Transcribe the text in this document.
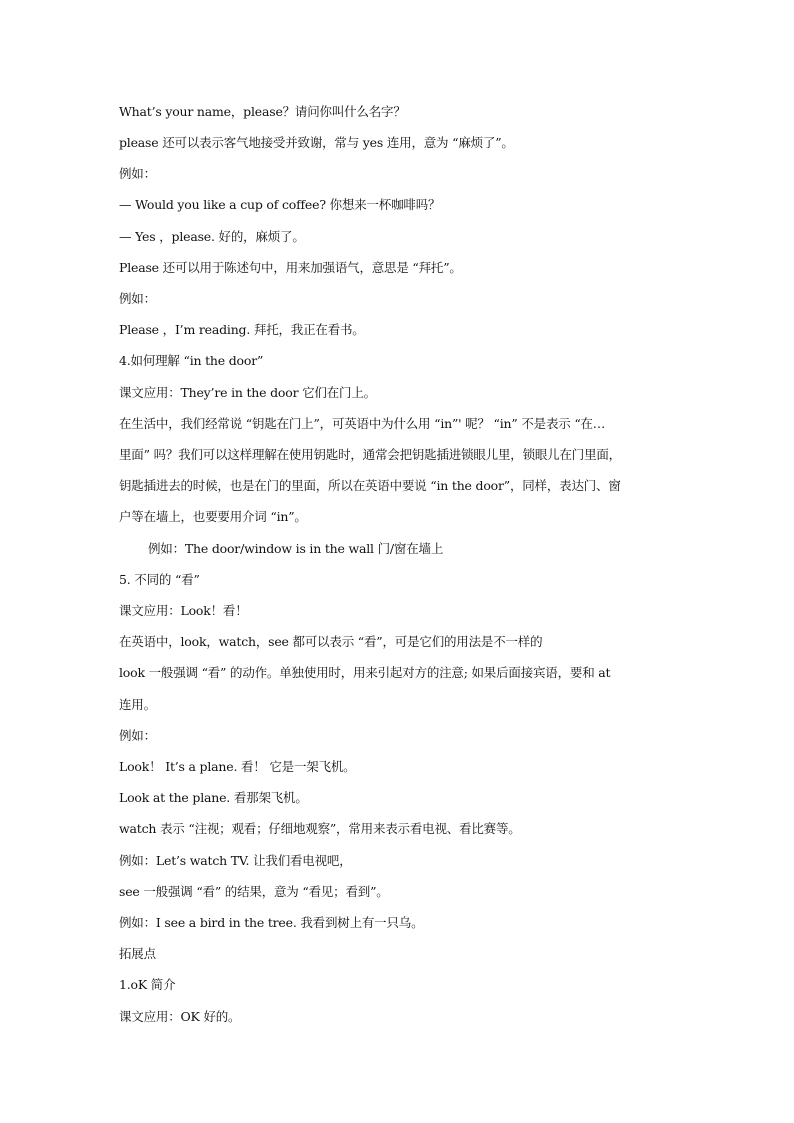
What’s your name，please？请问你叫什么名字？
please 还可以表示客气地接受并致谢，常与 yes 连用，意为 “麻烦了”。
例如：
— Would you like a cup of coffee? 你想来一杯咖啡吗？
— Yes ，please. 好的，麻烦了。
Please 还可以用于陈述句中，用来加强语气，意思是 “拜托”。
例如：
Please ，I’m reading. 拜托，我正在看书。
4.如何理解 “in the door”
课文应用：They’re in the door 它们在门上。
在生活中，我们经常说 “钥匙在门上”，可英语中为什么用 “in”' 呢？ “in” 不是表示 “在…
里面” 吗？我们可以这样理解在使用钥匙时，通常会把钥匙插进锁眼儿里，锁眼儿在门里面，
钥匙插进去的时候，也是在门的里面，所以在英语中要说 “in the door”，同样，表达门、窗
户等在墙上，也要要用介词 “in”。
例如：The door/window is in the wall 门/窗在墙上
5. 不同的 “看”
课文应用：Look！看！
在英语中，look，watch，see 都可以表示 “看”，可是它们的用法是不一样的
look 一般强调 “看” 的动作。单独使用时，用来引起对方的注意; 如果后面接宾语，要和 at
连用。
例如：
Look！ It’s a plane. 看！ 它是一架飞机。
Look at the plane. 看那架飞机。
watch 表示 “注视；观看；仔细地观察”，常用来表示看电视、看比赛等。
例如：Let’s watch TV. 让我们看电视吧，
see 一般强调 “看” 的结果，意为 “看见；看到”。
例如：I see a bird in the tree. 我看到树上有一只乌。
拓展点
1.oK 简介
课文应用：OK 好的。
